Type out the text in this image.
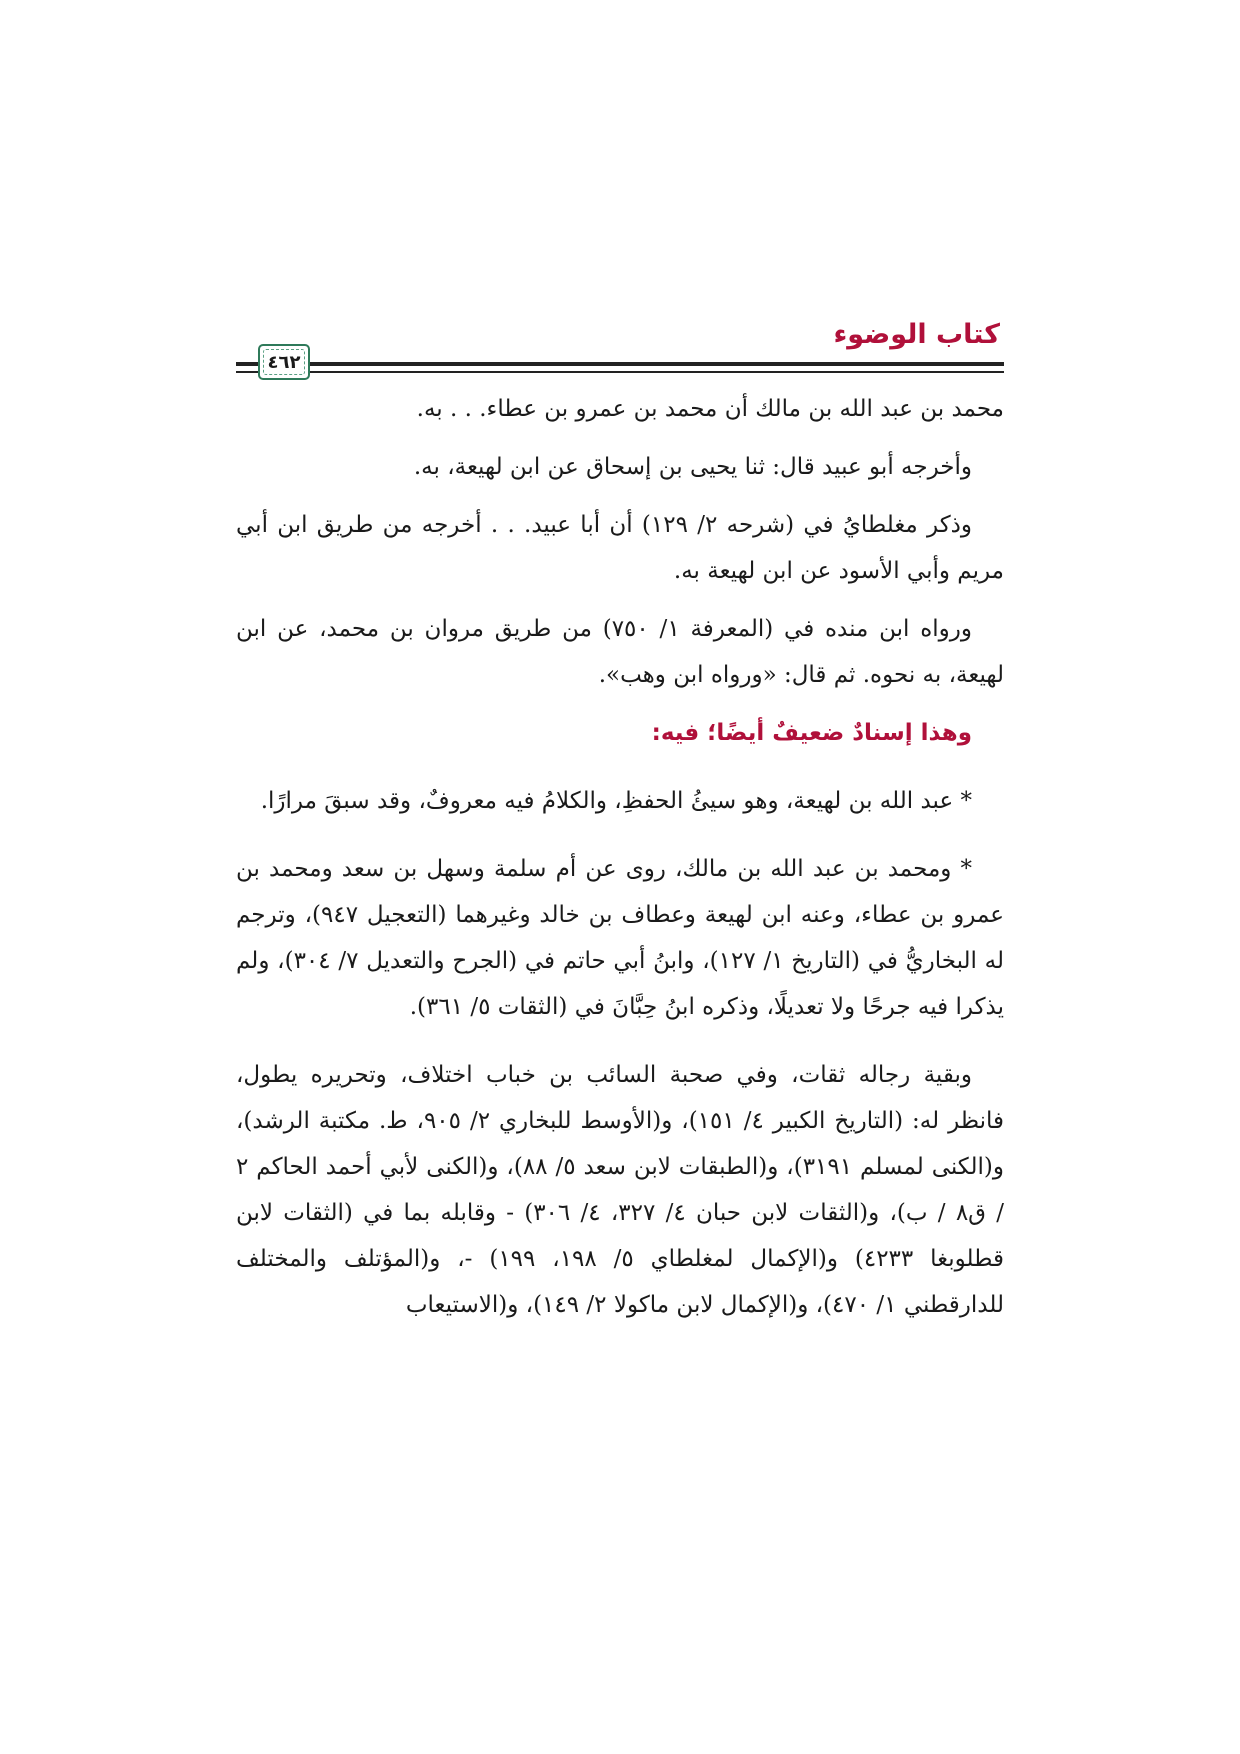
كتاب الوضوء
٤٦٢

محمد بن عبد الله بن مالك أن محمد بن عمرو بن عطاء. . . به.

وأخرجه أبو عبيد قال: ثنا يحيى بن إسحاق عن ابن لهيعة، به.

وذكر مغلطايُ في (شرحه ٢/ ١٢٩) أن أبا عبيد. . . أخرجه من طريق ابن أبي مريم وأبي الأسود عن ابن لهيعة به.

ورواه ابن منده في (المعرفة ١/ ٧٥٠) من طريق مروان بن محمد، عن ابن لهيعة، به نحوه. ثم قال: «ورواه ابن وهب».

وهذا إسنادٌ ضعيفٌ أيضًا؛ فيه:

* عبد الله بن لهيعة، وهو سيئُ الحفظِ، والكلامُ فيه معروفٌ، وقد سبقَ مرارًا.

* ومحمد بن عبد الله بن مالك، روى عن أم سلمة وسهل بن سعد ومحمد بن عمرو بن عطاء، وعنه ابن لهيعة وعطاف بن خالد وغيرهما (التعجيل ٩٤٧)، وترجم له البخاريُّ في (التاريخ ١/ ١٢٧)، وابنُ أبي حاتم في (الجرح والتعديل ٧/ ٣٠٤)، ولم يذكرا فيه جرحًا ولا تعديلًا، وذكره ابنُ حِبَّانَ في (الثقات ٥/ ٣٦١).

وبقية رجاله ثقات، وفي صحبة السائب بن خباب اختلاف، وتحريره يطول، فانظر له: (التاريخ الكبير ٤/ ١٥١)، و(الأوسط للبخاري ٢/ ٩٠٥، ط. مكتبة الرشد)، و(الكنى لمسلم ٣١٩١)، و(الطبقات لابن سعد ٥/ ٨٨)، و(الكنى لأبي أحمد الحاكم ٢ / ق٨ / ب)، و(الثقات لابن حبان ٤/ ٣٢٧، ٤/ ٣٠٦) - وقابله بما في (الثقات لابن قطلوبغا ٤٢٣٣) و(الإكمال لمغلطاي ٥/ ١٩٨، ١٩٩) -، و(المؤتلف والمختلف للدارقطني ١/ ٤٧٠)، و(الإكمال لابن ماكولا ٢/ ١٤٩)، و(الاستيعاب
